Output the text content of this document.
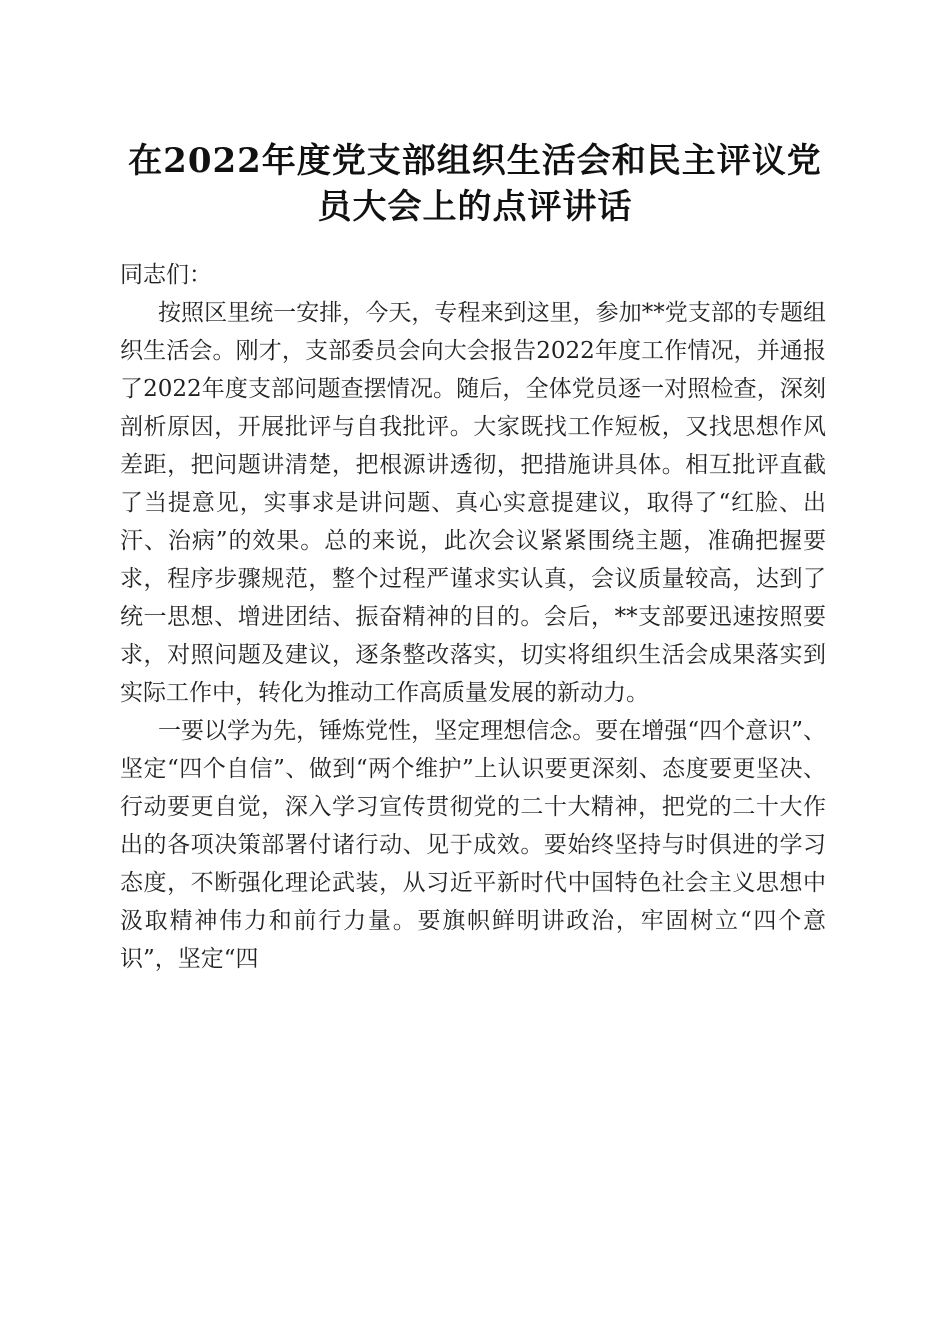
在2022年度党支部组织生活会和民主评议党员大会上的点评讲话

同志们：

按照区里统一安排，今天，专程来到这里，参加**党支部的专题组织生活会。刚才，支部委员会向大会报告2022年度工作情况，并通报了2022年度支部问题查摆情况。随后，全体党员逐一对照检查，深刻剖析原因，开展批评与自我批评。大家既找工作短板，又找思想作风差距，把问题讲清楚，把根源讲透彻，把措施讲具体。相互批评直截了当提意见，实事求是讲问题、真心实意提建议，取得了“红脸、出汗、治病”的效果。总的来说，此次会议紧紧围绕主题，准确把握要求，程序步骤规范，整个过程严谨求实认真，会议质量较高，达到了统一思想、增进团结、振奋精神的目的。会后，**支部要迅速按照要求，对照问题及建议，逐条整改落实，切实将组织生活会成果落实到实际工作中，转化为推动工作高质量发展的新动力。

一要以学为先，锤炼党性，坚定理想信念。要在增强“四个意识”、坚定“四个自信”、做到“两个维护”上认识要更深刻、态度要更坚决、行动要更自觉，深入学习宣传贯彻党的二十大精神，把党的二十大作出的各项决策部署付诸行动、见于成效。要始终坚持与时俱进的学习态度，不断强化理论武装，从习近平新时代中国特色社会主义思想中汲取精神伟力和前行力量。要旗帜鲜明讲政治，牢固树立“四个意识”，坚定“四
